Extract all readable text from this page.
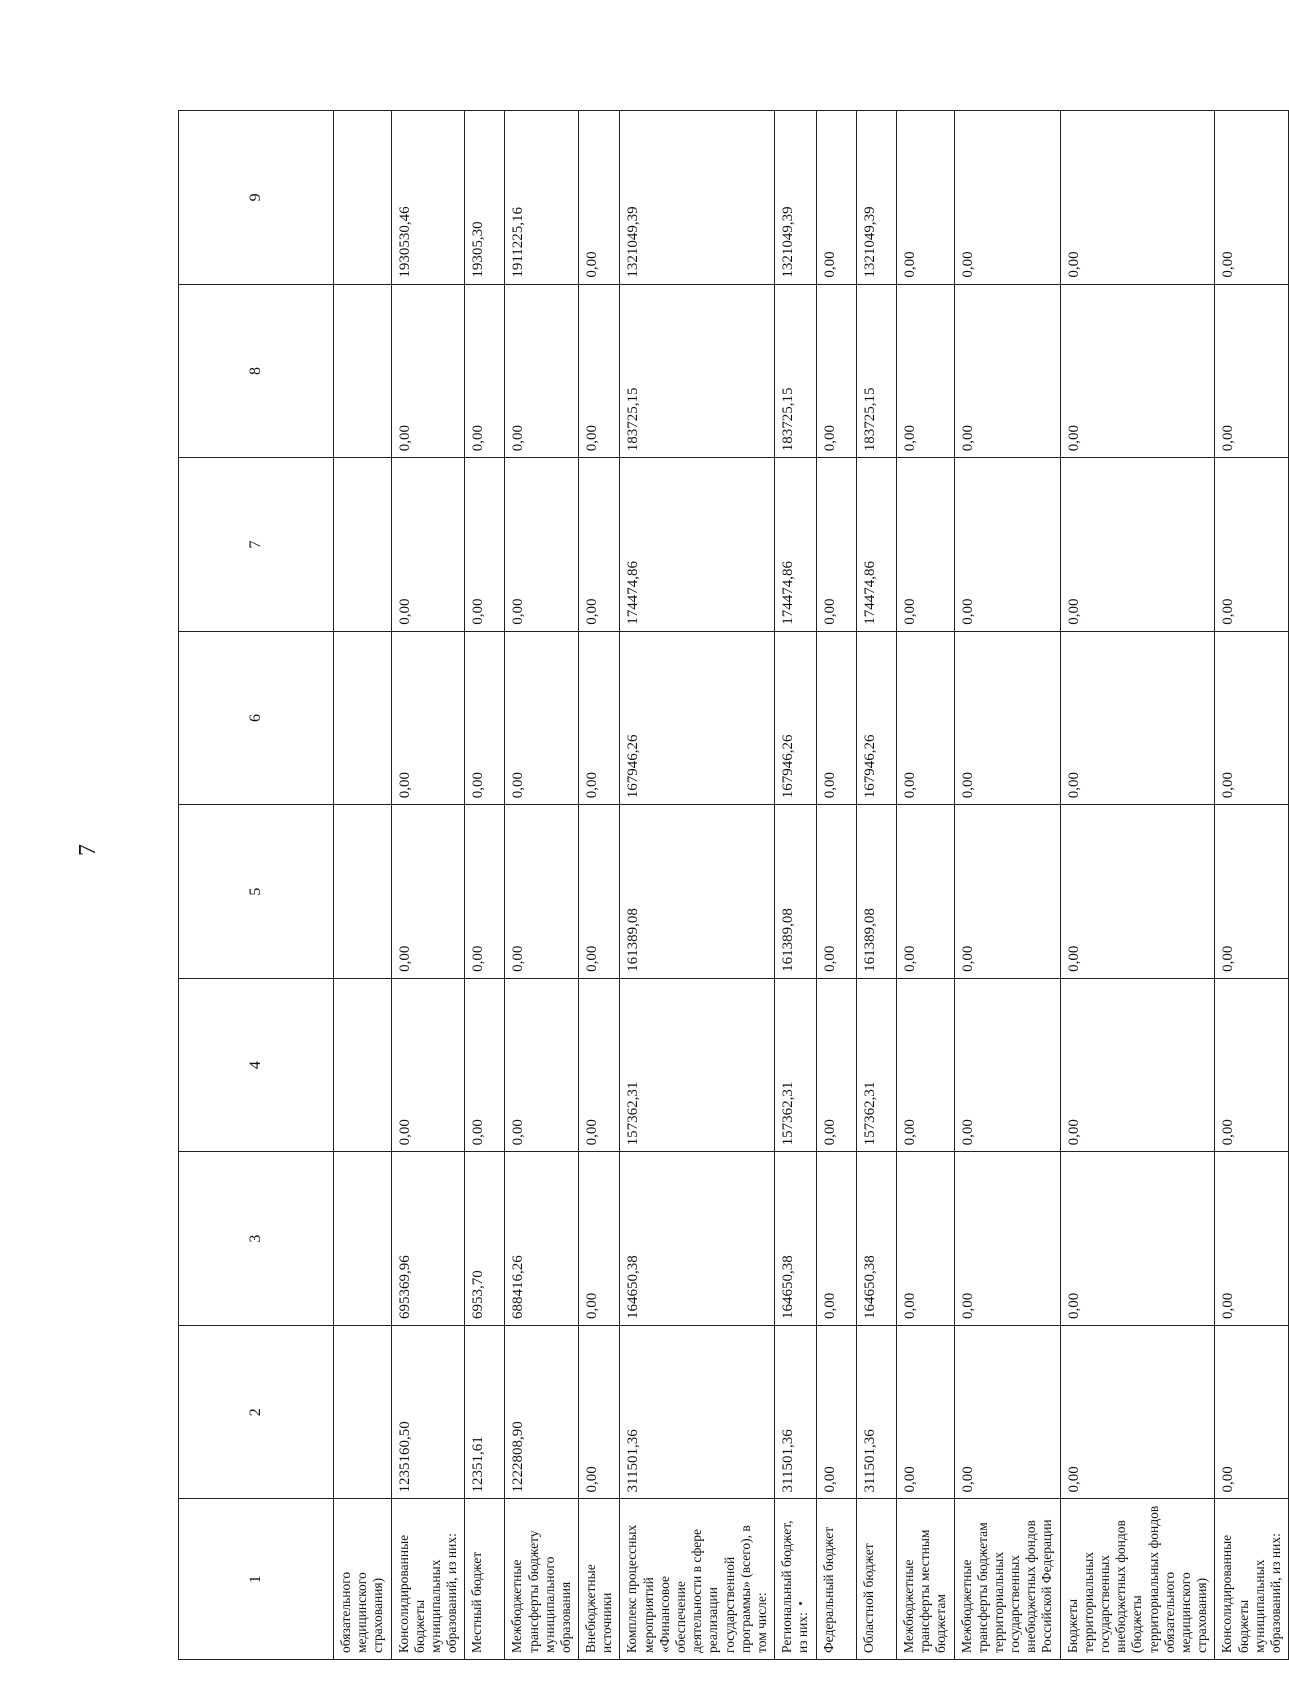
7
1	2	3	4	5	6	7	8	9
обязательного медицинского страхования)								
Консолидированные бюджеты муниципальных образований, из них:	1235160,50	695369,96	0,00	0,00	0,00	0,00	0,00	1930530,46
Местный бюджет	12351,61	6953,70	0,00	0,00	0,00	0,00	0,00	19305,30
Межбюджетные трансферты бюджету муниципального образования	1222808,90	688416,26	0,00	0,00	0,00	0,00	0,00	1911225,16
Внебюджетные источники	0,00	0,00	0,00	0,00	0,00	0,00	0,00	0,00
Комплекс процессных мероприятий «Финансовое обеспечение деятельности в сфере реализации государственной программы» (всего), в том числе:	311501,36	164650,38	157362,31	161389,08	167946,26	174474,86	183725,15	1321049,39
Региональный бюджет, из них:	311501,36	164650,38	157362,31	161389,08	167946,26	174474,86	183725,15	1321049,39
Федеральный бюджет	0,00	0,00	0,00	0,00	0,00	0,00	0,00	0,00
Областной бюджет	311501,36	164650,38	157362,31	161389,08	167946,26	174474,86	183725,15	1321049,39
Межбюджетные трансферты местным бюджетам	0,00	0,00	0,00	0,00	0,00	0,00	0,00	0,00
Межбюджетные трансферты бюджетам территориальных государственных внебюджетных фондов Российской Федерации	0,00	0,00	0,00	0,00	0,00	0,00	0,00	0,00
Бюджеты территориальных государственных внебюджетных фондов (бюджеты территориальных фондов обязательного медицинского страхования)	0,00	0,00	0,00	0,00	0,00	0,00	0,00	0,00
Консолидированные бюджеты муниципальных образований, из них:	0,00	0,00	0,00	0,00	0,00	0,00	0,00	0,00
